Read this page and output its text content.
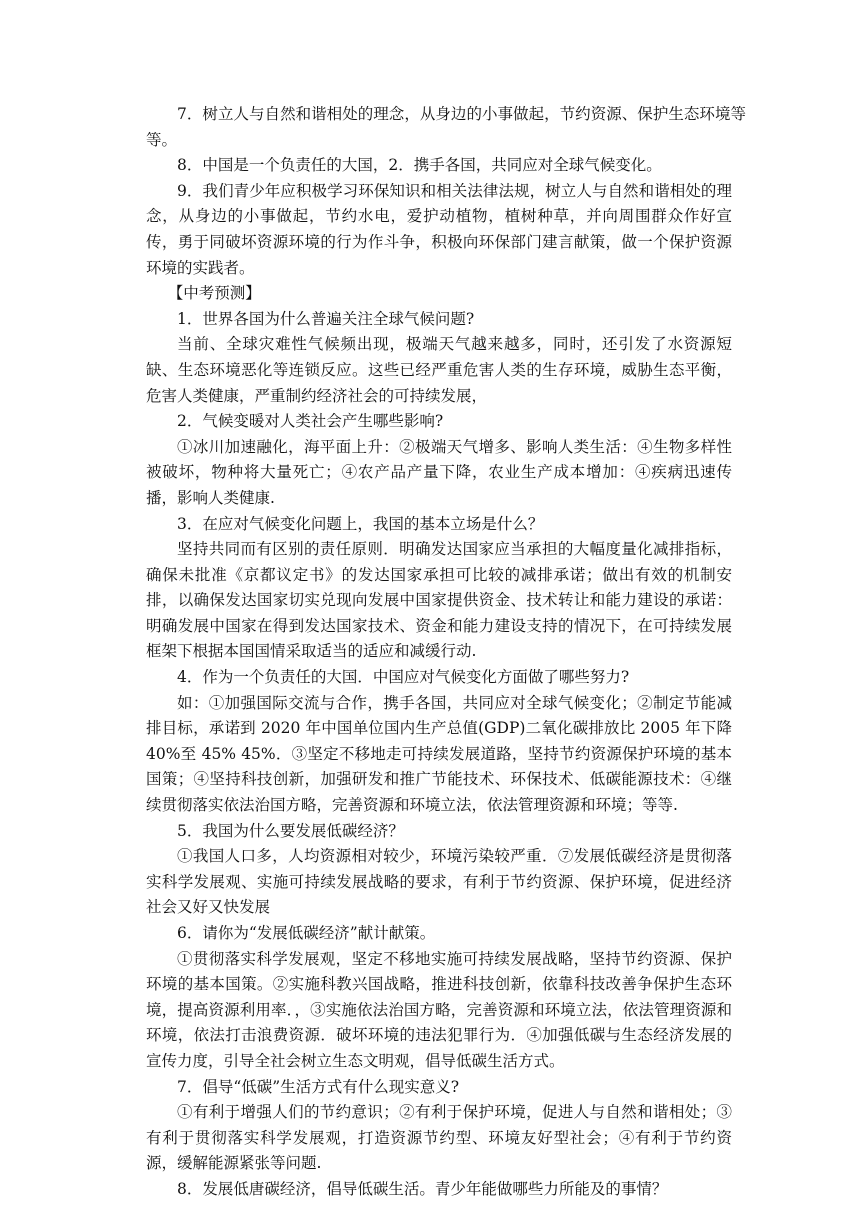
7．树立人与自然和谐相处的理念，从身边的小事做起，节约资源、保护生态环境等等。

8．中国是一个负责任的大国，2．携手各国，共同应对全球气候变化。

9．我们青少年应积极学习环保知识和相关法律法规，树立人与自然和谐相处的理念，从身边的小事做起，节约水电，爱护动植物，植树种草，并向周围群众作好宣传，勇于同破坏资源环境的行为作斗争，积极向环保部门建言献策，做一个保护资源环境的实践者。

【中考预测】

1．世界各国为什么普遍关注全球气候问题?

当前、全球灾难性气候频出现，极端天气越来越多，同时，还引发了水资源短缺、生态环境恶化等连锁反应。这些已经严重危害人类的生存环境，威胁生态平衡，危害人类健康，严重制约经济社会的可持续发展，

2．气候变暖对人类社会产生哪些影响?

①冰川加速融化，海平面上升：②极端天气增多、影响人类生活：④生物多样性被破坏，物种将大量死亡；④农产品产量下降，农业生产成本增加：④疾病迅速传播，影响人类健康.

3．在应对气候变化问题上，我国的基本立场是什么？

坚持共同而有区别的责任原则．明确发达国家应当承担的大幅度量化减排指标，确保未批准《京都议定书》的发达国家承担可比较的减排承诺；做出有效的机制安排，以确保发达国家切实兑现向发展中国家提供资金、技术转让和能力建设的承诺：明确发展中国家在得到发达国家技术、资金和能力建设支持的情况下，在可持续发展框架下根据本国国情采取适当的适应和减缓行动.

4．作为一个负责任的大国．中国应对气候变化方面做了哪些努力?

如：①加强国际交流与合作，携手各国，共同应对全球气候变化；②制定节能减排目标，承诺到 2020 年中国单位国内生产总值(GDP)二氧化碳排放比 2005 年下降 40%至 45% 45%．③坚定不移地走可持续发展道路，坚持节约资源保护环境的基本国策；④坚持科技创新，加强研发和推广节能技术、环保技术、低碳能源技术：④继续贯彻落实依法治国方略，完善资源和环境立法，依法管理资源和环境；等等.

5．我国为什么要发展低碳经济？

①我国人口多，人均资源相对较少，环境污染较严重．⑦发展低碳经济是贯彻落实科学发展观、实施可持续发展战略的要求，有利于节约资源、保护环境，促进经济社会又好又快发展

6．请你为“发展低碳经济”献计献策。

①贯彻落实科学发展观，坚定不移地实施可持续发展战略，坚持节约资源、保护环境的基本国策。②实施科教兴国战略，推进科技创新，依靠科技改善争保护生态环境，提高资源利用率．，③实施依法治国方略，完善资源和环境立法，依法管理资源和环境，依法打击浪费资源．破坏环境的违法犯罪行为．④加强低碳与生态经济发展的宣传力度，引导全社会树立生态文明观，倡导低碳生活方式。

7．倡导“低碳”生活方式有什么现实意义?

①有利于增强人们的节约意识；②有利于保护环境，促进人与自然和谐相处；③有利于贯彻落实科学发展观，打造资源节约型、环境友好型社会；④有利于节约资源，缓解能源紧张等问题.

8．发展低唐碳经济，倡导低碳生活。青少年能做哪些力所能及的事情？
